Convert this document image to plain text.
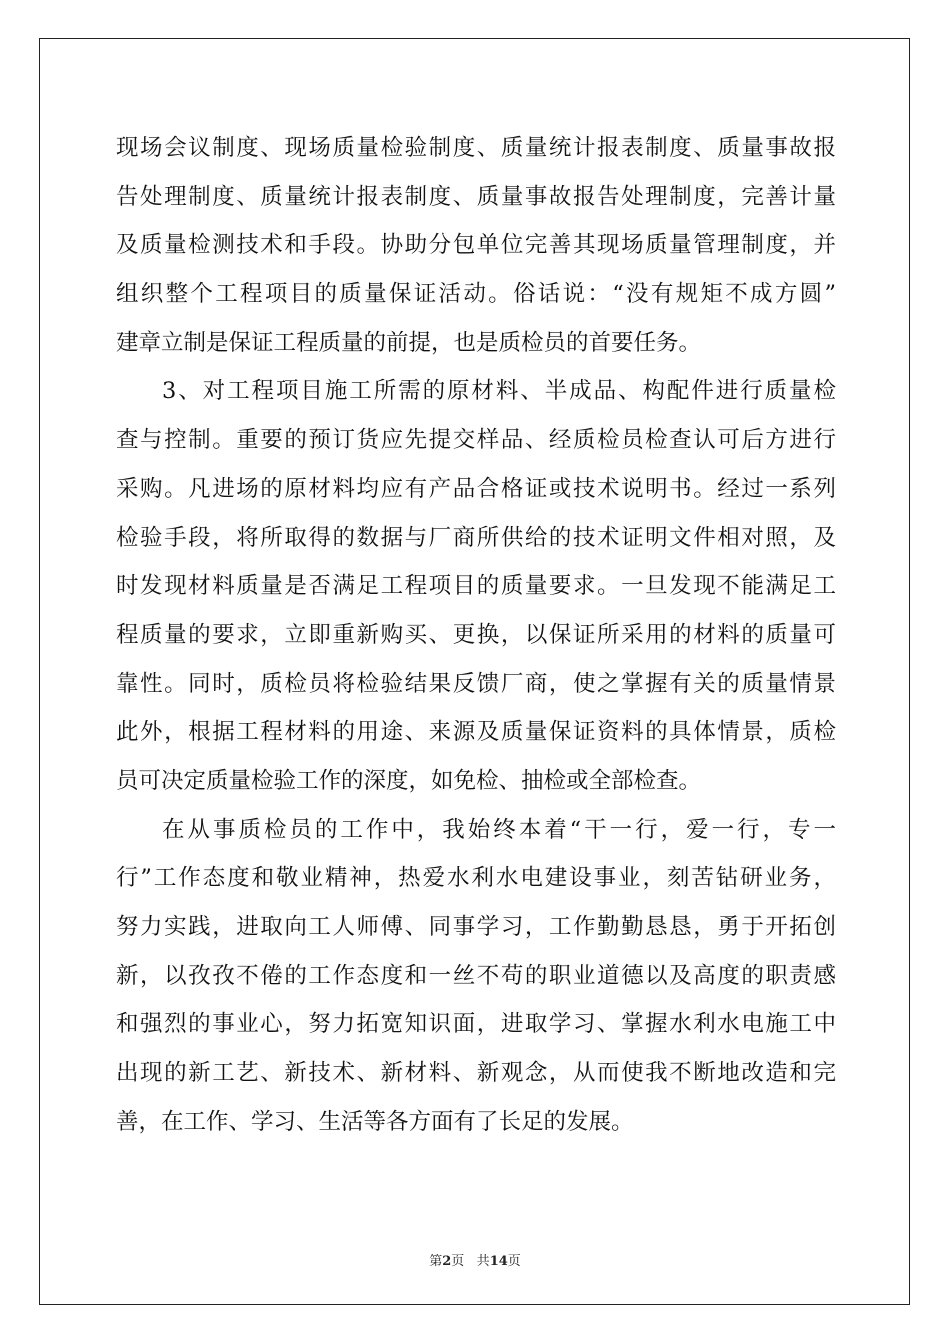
现场会议制度、现场质量检验制度、质量统计报表制度、质量事故报
告处理制度、质量统计报表制度、质量事故报告处理制度，完善计量
及质量检测技术和手段。协助分包单位完善其现场质量管理制度，并
组织整个工程项目的质量保证活动。俗话说：“没有规矩不成方圆”
建章立制是保证工程质量的前提，也是质检员的首要任务。
3、对工程项目施工所需的原材料、半成品、构配件进行质量检
查与控制。重要的预订货应先提交样品、经质检员检查认可后方进行
采购。凡进场的原材料均应有产品合格证或技术说明书。经过一系列
检验手段，将所取得的数据与厂商所供给的技术证明文件相对照，及
时发现材料质量是否满足工程项目的质量要求。一旦发现不能满足工
程质量的要求，立即重新购买、更换，以保证所采用的材料的质量可
靠性。同时，质检员将检验结果反馈厂商，使之掌握有关的质量情景
此外，根据工程材料的用途、来源及质量保证资料的具体情景，质检
员可决定质量检验工作的深度，如免检、抽检或全部检查。
在从事质检员的工作中，我始终本着“干一行，爱一行，专一
行”工作态度和敬业精神，热爱水利水电建设事业，刻苦钻研业务，
努力实践，进取向工人师傅、同事学习，工作勤勤恳恳，勇于开拓创
新，以孜孜不倦的工作态度和一丝不苟的职业道德以及高度的职责感
和强烈的事业心，努力拓宽知识面，进取学习、掌握水利水电施工中
出现的新工艺、新技术、新材料、新观念，从而使我不断地改造和完
善，在工作、学习、生活等各方面有了长足的发展。
第2页 共14页
